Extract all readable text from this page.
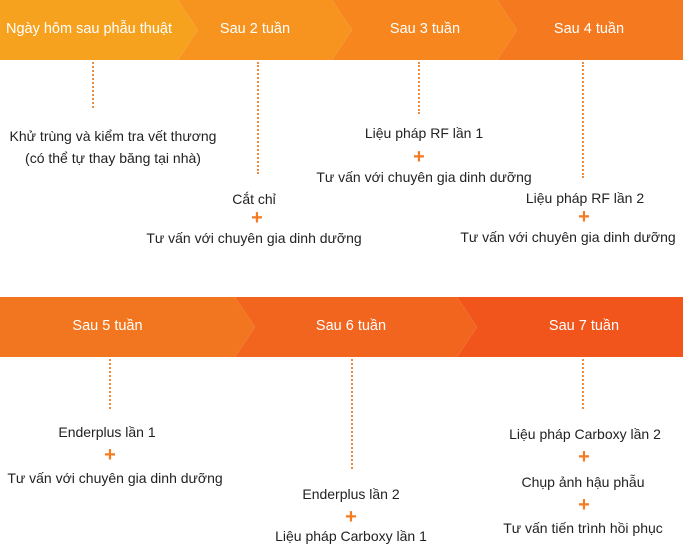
Ngày hôm sau phẫu thuật	Sau 2 tuần	Sau 3 tuần	Sau 4 tuần
Khử trùng và kiểm tra vết thương
(có thể tự thay băng tại nhà)
Cắt chỉ
+
Tư vấn với chuyên gia dinh dưỡng
Liệu pháp RF lần 1
+
Tư vấn với chuyên gia dinh dưỡng
Liệu pháp RF lần 2
+
Tư vấn với chuyên gia dinh dưỡng
Sau 5 tuần	Sau 6 tuần	Sau 7 tuần
Enderplus lần 1
+
Tư vấn với chuyên gia dinh dưỡng
Enderplus lần 2
+
Liệu pháp Carboxy lần 1
Liệu pháp Carboxy lần 2
+
Chụp ảnh hậu phẫu
+
Tư vấn tiến trình hồi phục
